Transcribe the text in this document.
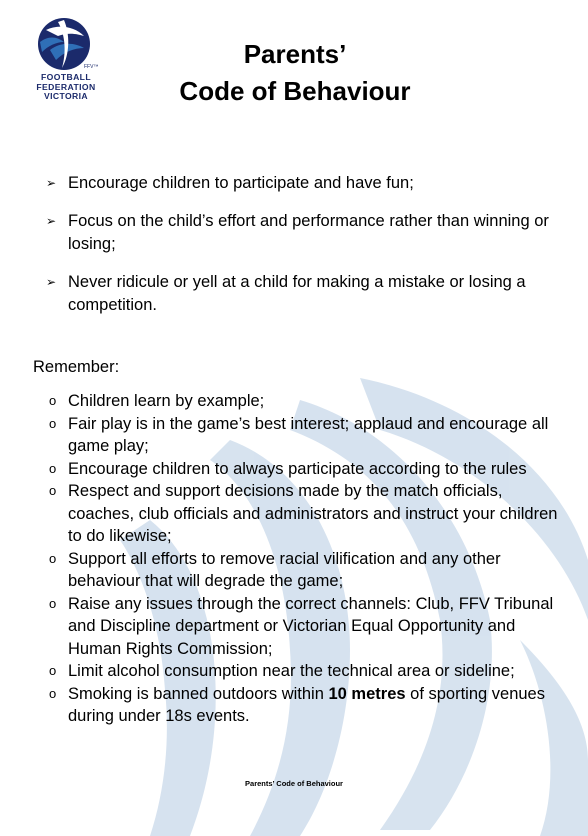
FFV™
FOOTBALL
FEDERATION
VICTORIA
Parents’
Code of Behaviour
➢ Encourage children to participate and have fun;
➢ Focus on the child’s effort and performance rather than winning or losing;
➢ Never ridicule or yell at a child for making a mistake or losing a competition.
Remember:
o Children learn by example;
o Fair play is in the game’s best interest; applaud and encourage all game play;
o Encourage children to always participate according to the rules
o Respect and support decisions made by the match officials, coaches, club officials and administrators and instruct your children to do likewise;
o Support all efforts to remove racial vilification and any other behaviour that will degrade the game;
o Raise any issues through the correct channels: Club, FFV Tribunal and Discipline department or Victorian Equal Opportunity and Human Rights Commission;
o Limit alcohol consumption near the technical area or sideline;
o Smoking is banned outdoors within 10 metres of sporting venues during under 18s events.
Parents’ Code of Behaviour
